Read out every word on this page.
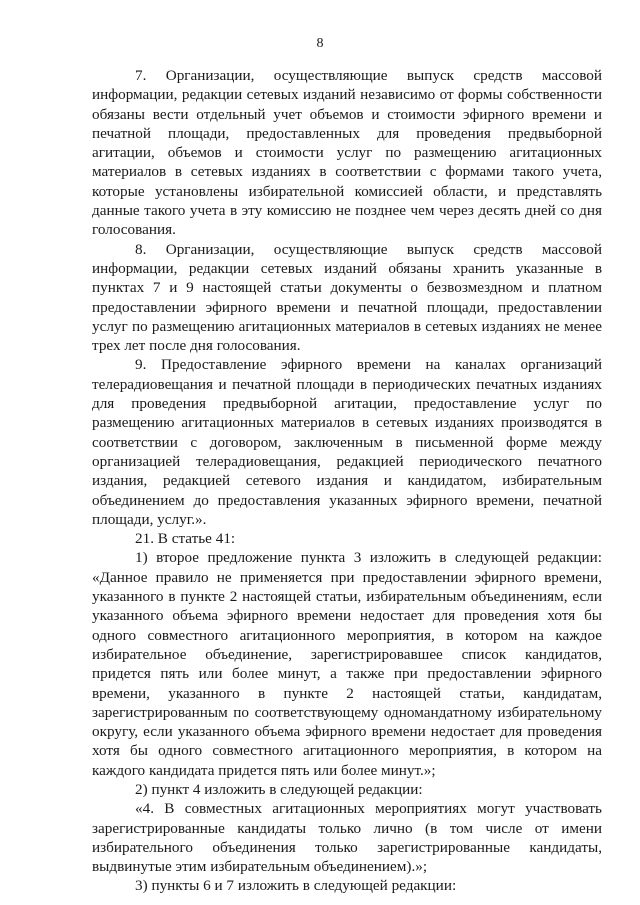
8

7. Организации, осуществляющие выпуск средств массовой информации, редакции сетевых изданий независимо от формы собственности обязаны вести отдельный учет объемов и стоимости эфирного времени и печатной площади, предоставленных для проведения предвыборной агитации, объемов и стоимости услуг по размещению агитационных материалов в сетевых изданиях в соответствии с формами такого учета, которые установлены избирательной комиссией области, и представлять данные такого учета в эту комиссию не позднее чем через десять дней со дня голосования.

8. Организации, осуществляющие выпуск средств массовой информации, редакции сетевых изданий обязаны хранить указанные в пунктах 7 и 9 настоящей статьи документы о безвозмездном и платном предоставлении эфирного времени и печатной площади, предоставлении услуг по размещению агитационных материалов в сетевых изданиях не менее трех лет после дня голосования.

9. Предоставление эфирного времени на каналах организаций телерадиовещания и печатной площади в периодических печатных изданиях для проведения предвыборной агитации, предоставление услуг по размещению агитационных материалов в сетевых изданиях производятся в соответствии с договором, заключенным в письменной форме между организацией телерадиовещания, редакцией периодического печатного издания, редакцией сетевого издания и кандидатом, избирательным объединением до предоставления указанных эфирного времени, печатной площади, услуг.».

21. В статье 41:

1) второе предложение пункта 3 изложить в следующей редакции: «Данное правило не применяется при предоставлении эфирного времени, указанного в пункте 2 настоящей статьи, избирательным объединениям, если указанного объема эфирного времени недостает для проведения хотя бы одного совместного агитационного мероприятия, в котором на каждое избирательное объединение, зарегистрировавшее список кандидатов, придется пять или более минут, а также при предоставлении эфирного времени, указанного в пункте 2 настоящей статьи, кандидатам, зарегистрированным по соответствующему одномандатному избирательному округу, если указанного объема эфирного времени недостает для проведения хотя бы одного совместного агитационного мероприятия, в котором на каждого кандидата придется пять или более минут.»;

2) пункт 4 изложить в следующей редакции:

«4. В совместных агитационных мероприятиях могут участвовать зарегистрированные кандидаты только лично (в том числе от имени избирательного объединения только зарегистрированные кандидаты, выдвинутые этим избирательным объединением).»;

3) пункты 6 и 7 изложить в следующей редакции:
